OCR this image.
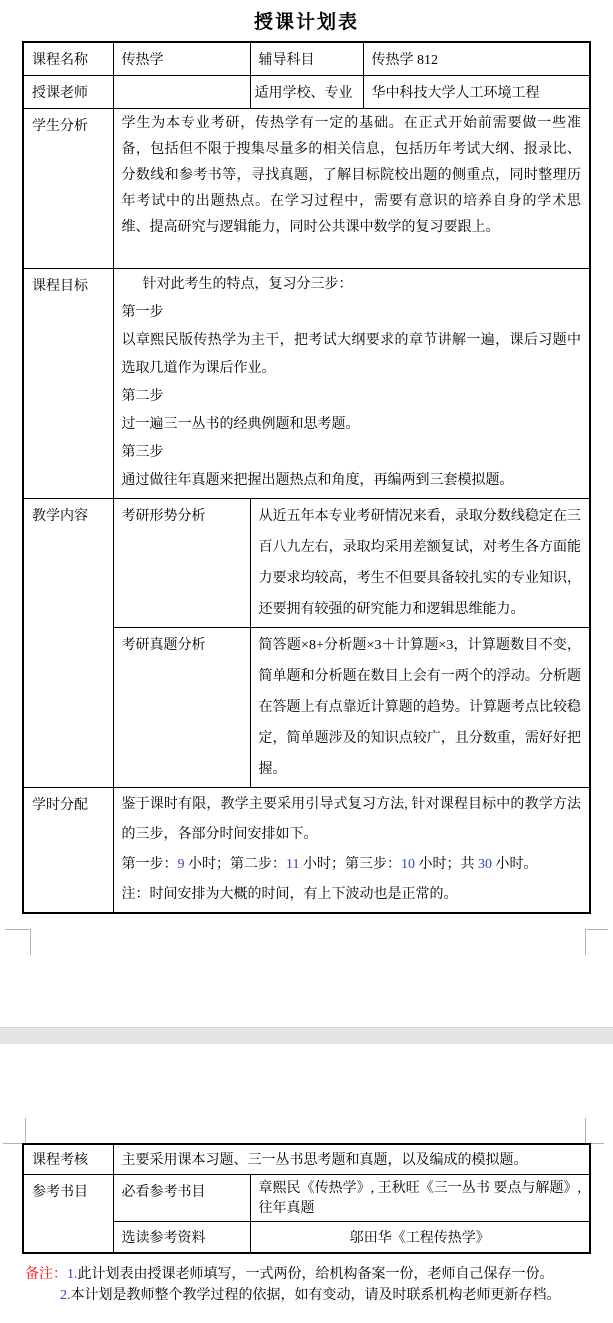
授课计划表
课程名称	传热学	辅导科目	传热学 812
授课老师		适用学校、专业	华中科技大学人工环境工程
学生分析	学生为本专业考研，传热学有一定的基础。在正式开始前需要做一些准备，包括但不限于搜集尽量多的相关信息，包括历年考试大纲、报录比、分数线和参考书等，寻找真题，了解目标院校出题的侧重点，同时整理历年考试中的出题热点。在学习过程中，需要有意识的培养自身的学术思维、提高研究与逻辑能力，同时公共课中数学的复习要跟上。		
课程目标	针对此考生的特点，复习分三步：
第一步
以章熙民版传热学为主干，把考试大纲要求的章节讲解一遍，课后习题中选取几道作为课后作业。
第二步
过一遍三一丛书的经典例题和思考题。
第三步
通过做往年真题来把握出题热点和角度，再编两到三套模拟题。

教学内容	考研形势分析	从近五年本专业考研情况来看，录取分数线稳定在三百八九左右，录取均采用差额复试，对考生各方面能力要求均较高，考生不但要具备较扎实的专业知识，还要拥有较强的研究能力和逻辑思维能力。	
	考研真题分析	简答题×8+分析题×3＋计算题×3，计算题数目不变，简单题和分析题在数目上会有一两个的浮动。分析题在答题上有点靠近计算题的趋势。计算题考点比较稳定，简单题涉及的知识点较广，且分数重，需好好把握。	
学时分配	鉴于课时有限，教学主要采用引导式复习方法, 针对课程目标中的教学方法的三步，各部分时间安排如下。
第一步：9 小时；第二步：11 小时；第三步：10 小时；共 30 小时。
注：时间安排为大概的时间，有上下波动也是正常的。		
课程考核	主要采用课本习题、三一丛书思考题和真题，以及编成的模拟题。	
参考书目	必看参考书目	章熙民《传热学》, 王秋旺《三一丛书 要点与解题》, 往年真题
	选读参考资料	邬田华《工程传热学》
备注：1.此计划表由授课老师填写，一式两份，给机构备案一份，老师自己保存一份。
2.本计划是教师整个教学过程的依据，如有变动，请及时联系机构老师更新存档。
